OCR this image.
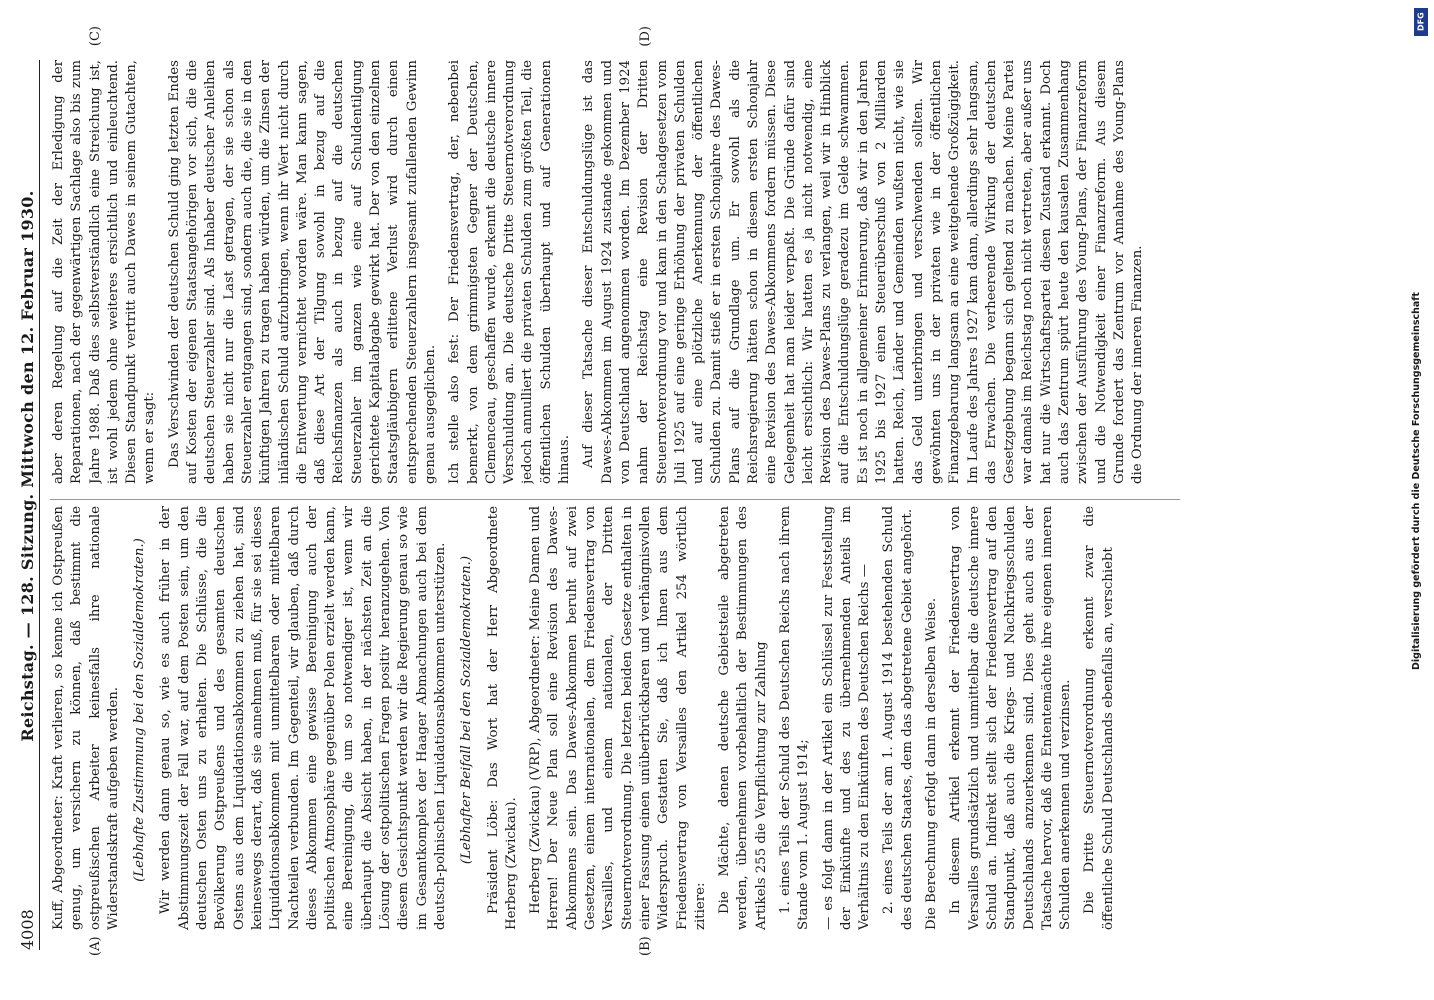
4008
Reichstag. — 128. Sitzung. Mittwoch den 12. Februar 1930.
(A)	(B)
(C)	(D)

Kuff, Abgeordneter: Kraft verlieren, so kenne ich Ostpreußen genug, um versichern zu können, daß bestimmt die ostpreußischen Arbeiter keinesfalls ihre nationale Widerstandskraft aufgeben werden. (Lebhafte Zustimmung bei den Sozialdemokraten.) Wir werden dann genau so, wie es auch früher in der Abstimmungszeit der Fall war, auf dem Posten sein, um den deutschen Osten uns zu erhalten. Die Schlüsse, die die Bevölkerung Ostpreußens und des gesamten deutschen Ostens aus dem Liquidationsabkommen zu ziehen hat, sind keineswegs derart, daß sie annehmen muß, für sie sei dieses Liquidationsabkommen mit unmittelbaren oder mittelbaren Nachteilen verbunden. Im Gegenteil, wir glauben, daß durch dieses Abkommen eine gewisse Bereinigung auch der politischen Atmosphäre gegenüber Polen erzielt werden kann, eine Bereinigung, die um so notwendiger ist, wenn wir überhaupt die Absicht haben, in der nächsten Zeit an die Lösung der ostpolitischen Fragen positiv heranzugehen. Von diesem Gesichtspunkt werden wir die Regierung genau so wie im Gesamtkomplex der Haager Abmachungen auch bei dem deutsch-polnischen Liquidationsabkommen unterstützen. (Lebhafter Beifall bei den Sozialdemokraten.) Präsident Löbe: Das Wort hat der Herr Abgeordnete Herberg (Zwickau). Herberg (Zwickau) (VRP), Abgeordneter: Meine Damen und Herren! Der Neue Plan soll eine Revision des Dawes-Abkommens sein. Das Dawes-Abkommen beruht auf zwei Gesetzen, einem internationalen, dem Friedensvertrag von Versailles, und einem nationalen, der Dritten Steuernotverordnung. Die letzten beiden Gesetze enthalten in einer Fassung einen unüberbrückbaren und verhängnisvollen Widerspruch. Gestatten Sie, daß ich Ihnen aus dem Friedensvertrag von Versailles den Artikel 254 wörtlich zitiere: Die Mächte, denen deutsche Gebietsteile abgetreten werden, übernehmen vorbehaltlich der Bestimmungen des Artikels 255 die Verpflichtung zur Zahlung 1. eines Teils der Schuld des Deutschen Reichs nach ihrem Stande vom 1. August 1914; — es folgt dann in der Artikel ein Schlüssel zur Feststellung der Einkünfte und des zu übernehmenden Anteils im Verhältnis zu den Einkünften des Deutschen Reichs — 2. eines Teils der am 1. August 1914 bestehenden Schuld des deutschen Staates, dem das abgetretene Gebiet angehört. Die Berechnung erfolgt dann in derselben Weise. In diesem Artikel erkennt der Friedensvertrag von Versailles grundsätzlich und unmittelbar die deutsche innere Schuld an. Indirekt stellt sich der Friedensvertrag auf den Standpunkt, daß auch die Kriegs- und Nachkriegsschulden Deutschlands anzuerkennen sind. Dies geht auch aus der Tatsache hervor, daß die Ententemächte ihre eigenen inneren Schulden anerkennen und verzinsen. Die Dritte Steuernotverordnung erkennt zwar die öffentliche Schuld Deutschlands ebenfalls an, verschiebt

aber deren Regelung auf die Zeit der Erledigung der Reparationen, nach der gegenwärtigen Sachlage also bis zum Jahre 1988. Daß dies selbstverständlich eine Streichung ist, ist wohl jedem ohne weiteres ersichtlich und einleuchtend. Diesen Standpunkt vertritt auch Dawes in seinem Gutachten, wenn er sagt: Das Verschwinden der deutschen Schuld ging letzten Endes auf Kosten der eigenen Staatsangehörigen vor sich, die die deutschen Steuerzahler sind. Als Inhaber deutscher Anleihen haben sie nicht nur die Last getragen, der sie schon als Steuerzahler entgangen sind, sondern auch die, die sie in den künftigen Jahren zu tragen haben würden, um die Zinsen der inländischen Schuld aufzubringen, wenn ihr Wert nicht durch die Entwertung vernichtet worden wäre. Man kann sagen, daß diese Art der Tilgung sowohl in bezug auf die Reichsfinanzen als auch in bezug auf die deutschen Steuerzahler im ganzen wie eine auf Schuldentilgung gerichtete Kapitalabgabe gewirkt hat. Der von den einzelnen Staatsgläubigern erlittene Verlust wird durch einen entsprechenden Steuerzahlern insgesamt zufallenden Gewinn genau ausgeglichen. Ich stelle also fest: Der Friedensvertrag, der, nebenbei bemerkt, von dem grimmigsten Gegner der Deutschen, Clemenceau, geschaffen wurde, erkennt die deutsche innere Verschuldung an. Die deutsche Dritte Steuernotverordnung jedoch annulliert die privaten Schulden zum größten Teil, die öffentlichen Schulden überhaupt und auf Generationen hinaus. Auf dieser Tatsache dieser Entschuldungslüge ist das Dawes-Abkommen im August 1924 zustande gekommen und von Deutschland angenommen worden. Im Dezember 1924 nahm der Reichstag eine Revision der Dritten Steuernotverordnung vor und kam in den Schadgesetzen vom Juli 1925 auf eine geringe Erhöhung der privaten Schulden und auf eine plötzliche Anerkennung der öffentlichen Schulden zu. Damit stieß er in ersten Schonjahre des Dawes-Plans auf die Grundlage um. Er sowohl als die Reichsregierung hätten schon in diesem ersten Schonjahr eine Revision des Dawes-Abkommens fordern müssen. Diese Gelegenheit hat man leider verpaßt. Die Gründe dafür sind leicht ersichtlich: Wir hatten es ja nicht notwendig, eine Revision des Dawes-Plans zu verlangen, weil wir in Hinblick auf die Entschuldungslüge geradezu im Gelde schwammen. Es ist noch in allgemeiner Erinnerung, daß wir in den Jahren 1925 bis 1927 einen Steuerüberschuß von 2 Milliarden hatten. Reich, Länder und Gemeinden wußten nicht, wie sie das Geld unterbringen und verschwenden sollten. Wir gewöhnten uns in der privaten wie in der öffentlichen Finanzgebarung langsam an eine weitgehende Großzügigkeit. Im Laufe des Jahres 1927 kam dann, allerdings sehr langsam, das Erwachen. Die verheerende Wirkung der deutschen Gesetzgebung begann sich geltend zu machen. Meine Partei war damals im Reichstag noch nicht vertreten, aber außer uns hat nur die Wirtschaftspartei diesen Zustand erkannt. Doch auch das Zentrum spürt heute den kausalen Zusammenhang zwischen der Ausführung des Young-Plans, der Finanzreform und die Notwendigkeit einer Finanzreform. Aus diesem Grunde fordert das Zentrum vor Annahme des Young-Plans die Ordnung der inneren Finanzen.	Digitalisierung gefördert durch die Deutsche Forschungsgemeinschaft
DFG
